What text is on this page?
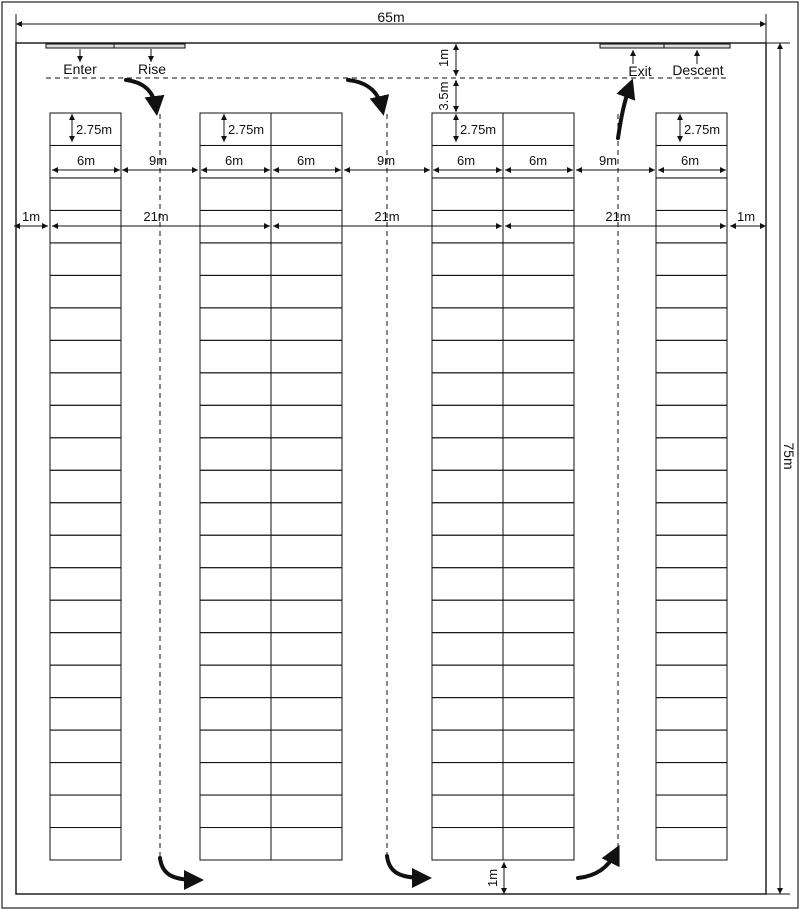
65m
75m
Enter	Rise	Exit Descent
1m
3.5m
2.75m	2.75m	2.75m	2.75m
6m	9m	6m	6m	9m	6m	6m	9m	6m
1m	21m	21m	21m	1m
1m
